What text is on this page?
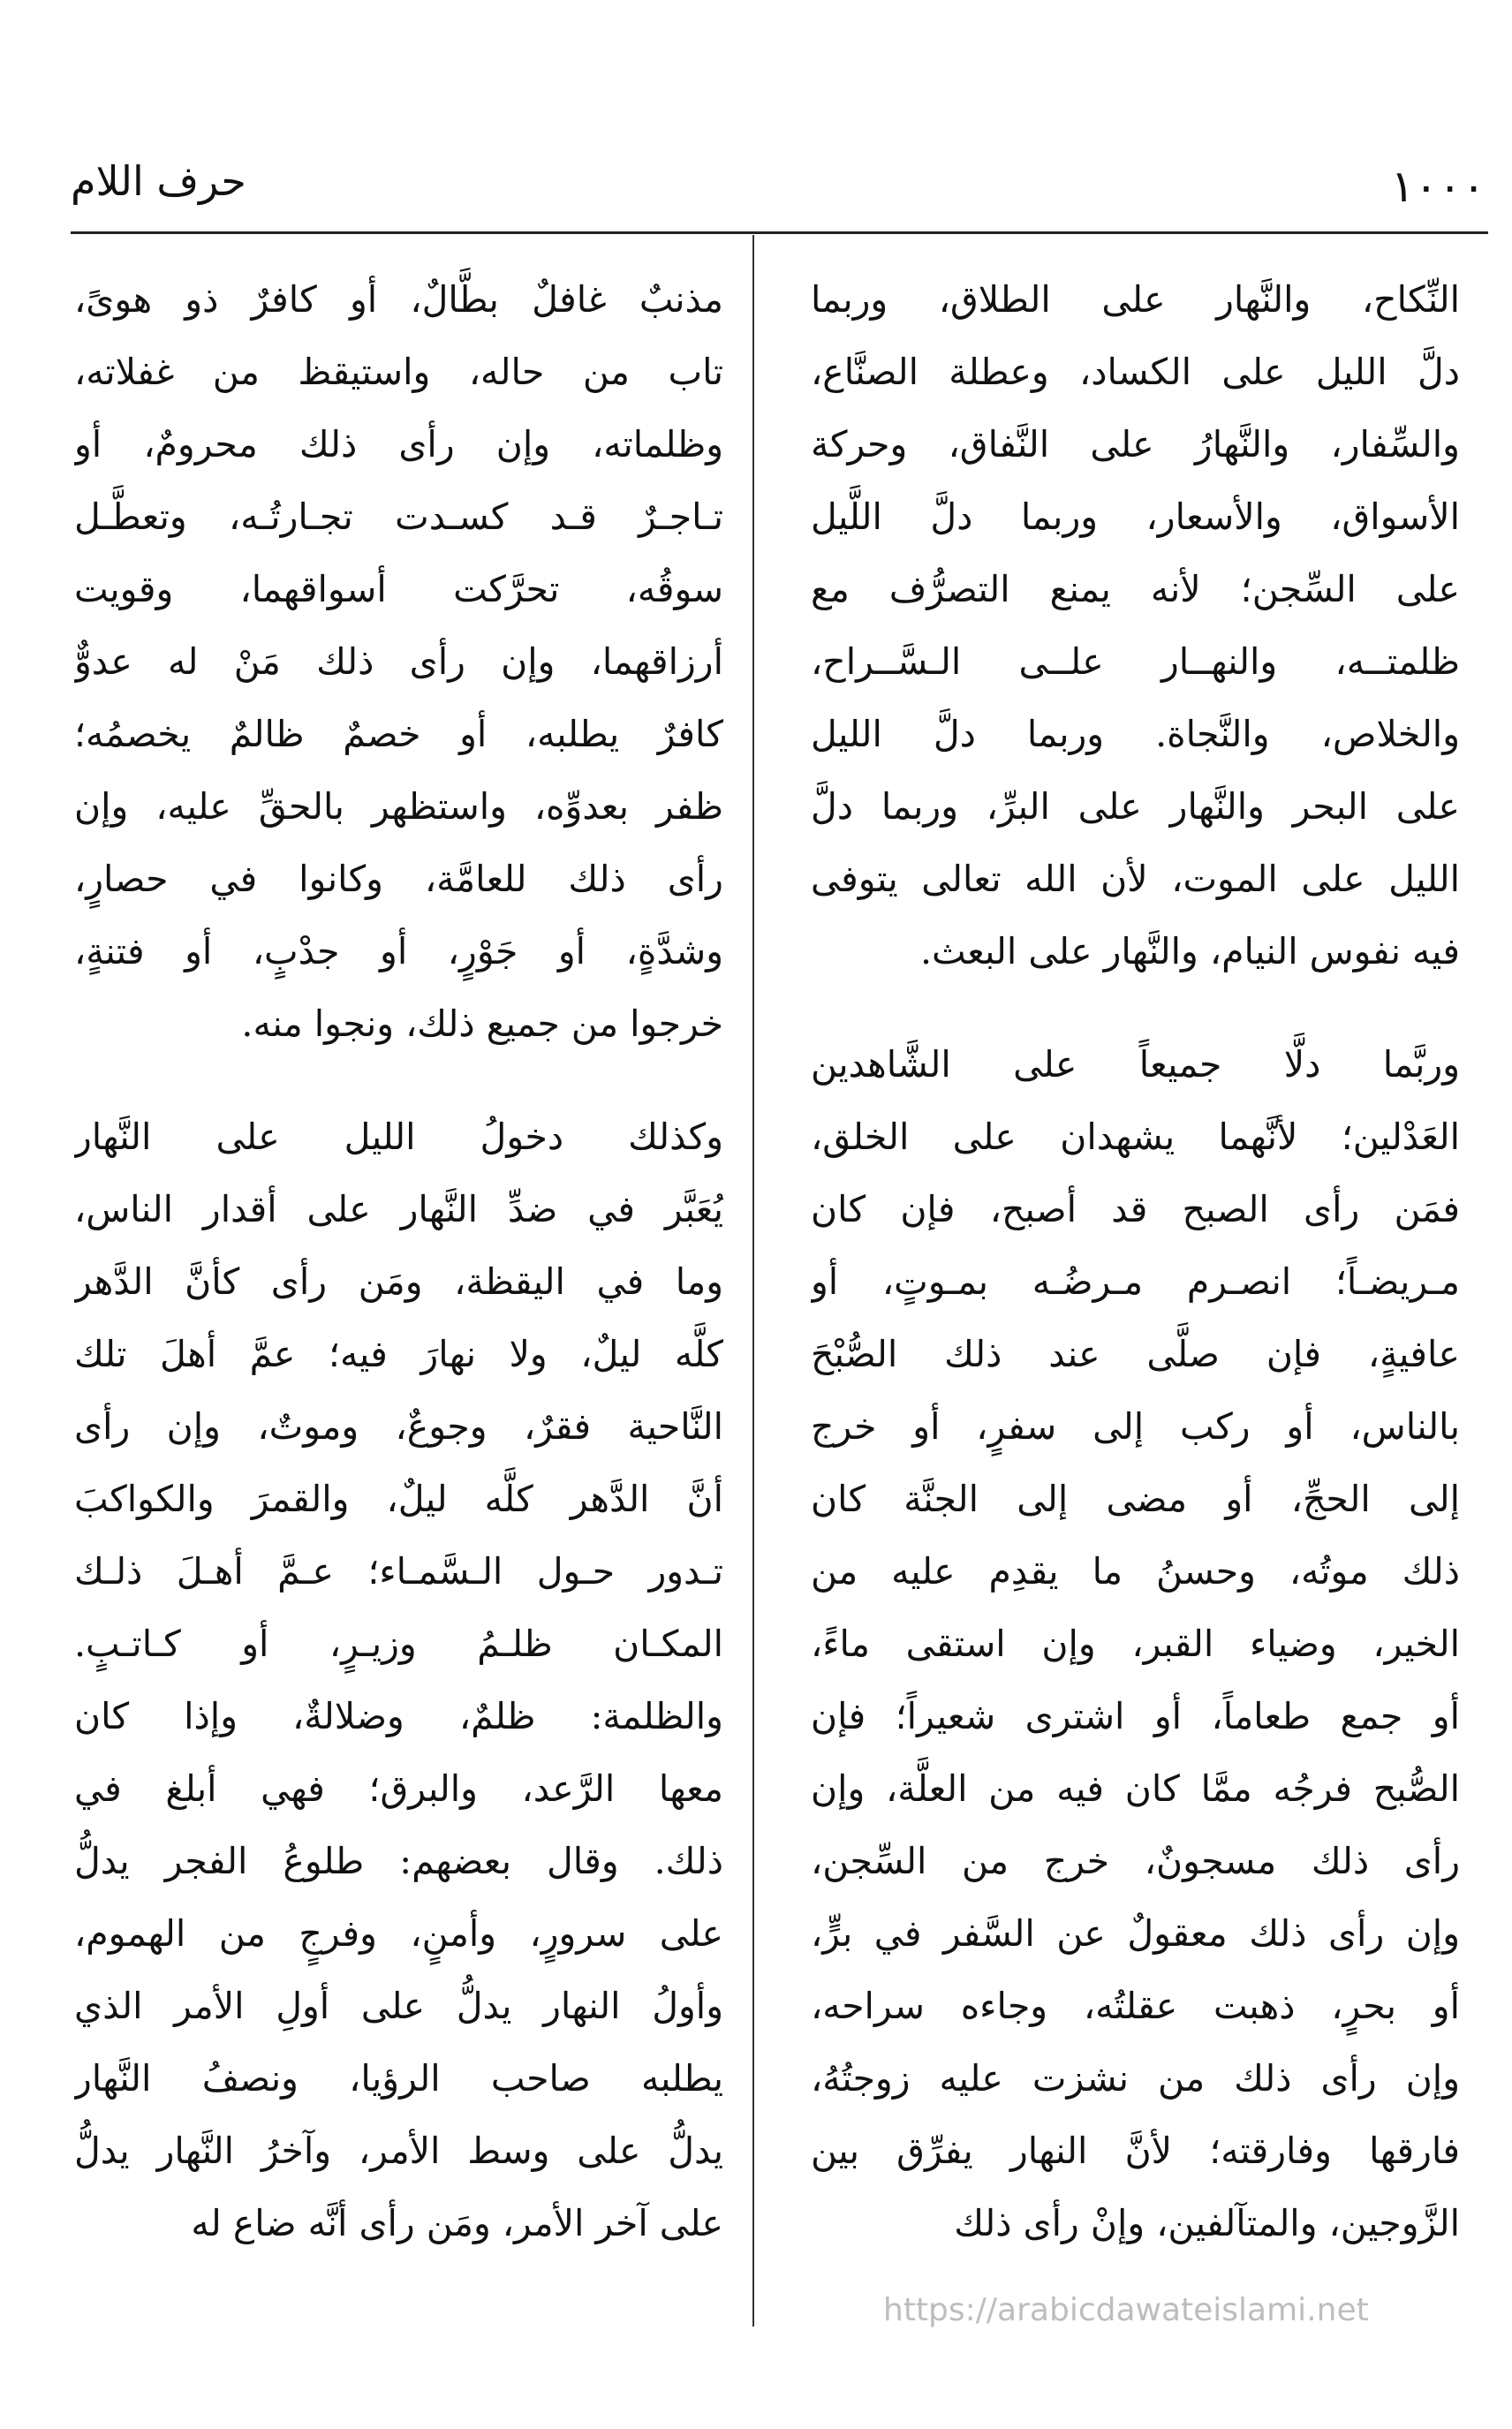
١٠٠٠
حرف اللام
النِّكاح، والنَّهار على الطلاق، وربما
دلَّ الليل على الكساد، وعطلة الصنَّاع،
والسِّفار، والنَّهارُ على النَّفاق، وحركة
الأسواق، والأسعار، وربما دلَّ اللَّيل
على السِّجن؛ لأنه يمنع التصرُّف مع
ظلمتــه، والنهــار علــى الـسَّــراح،
والخلاص، والنَّجاة. وربما دلَّ الليل
على البحر والنَّهار على البرِّ، وربما دلَّ
الليل على الموت، لأن الله تعالى يتوفى
فيه نفوس النيام، والنَّهار على البعث.
وربَّما دلَّا جميعاً على الشَّاهدين
العَدْلين؛ لأنَّهما يشهدان على الخلق،
فمَن رأى الصبح قد أصبح، فإن كان
مـريضـاً؛ انصـرم مـرضُـه بمـوتٍ، أو
عافيةٍ، فإن صلَّى عند ذلك الصُّبْحَ
بالناس، أو ركب إلى سفرٍ، أو خرج
إلى الحجِّ، أو مضى إلى الجنَّة كان
ذلك موتُه، وحسنُ ما يقدِم عليه من
الخير، وضياء القبر، وإن استقى ماءً،
أو جمع طعاماً، أو اشترى شعيراً؛ فإن
الصُّبح فرجُه ممَّا كان فيه من العلَّة، وإن
رأى ذلك مسجونٌ، خرج من السِّجن،
وإن رأى ذلك معقولٌ عن السَّفر في برٍّ،
أو بحرٍ، ذهبت عقلتُه، وجاءه سراحه،
وإن رأى ذلك من نشزت عليه زوجتُهُ،
فارقها وفارقته؛ لأنَّ النهار يفرِّق بين
الزَّوجين، والمتآلفين، وإنْ رأى ذلك
مذنبٌ غافلٌ بطَّالٌ، أو كافرٌ ذو هوىً،
تاب من حاله، واستيقظ من غفلاته،
وظلماته، وإن رأى ذلك محرومٌ، أو
تـاجـرٌ قـد كسـدت تجـارتُـه، وتعطَّـل
سوقُه، تحرَّكت أسواقهما، وقويت
أرزاقهما، وإن رأى ذلك مَنْ له عدوٌّ
كافرٌ يطلبه، أو خصمٌ ظالمٌ يخصمُه؛
ظفر بعدوِّه، واستظهر بالحقِّ عليه، وإن
رأى ذلك للعامَّة، وكانوا في حصارٍ،
وشدَّةٍ، أو جَوْرٍ، أو جدْبٍ، أو فتنةٍ،
خرجوا من جميع ذلك، ونجوا منه.
وكذلك دخولُ الليل على النَّهار
يُعَبَّر في ضدِّ النَّهار على أقدار الناس،
وما في اليقظة، ومَن رأى كأنَّ الدَّهر
كلَّه ليلٌ، ولا نهارَ فيه؛ عمَّ أهلَ تلك
النَّاحية فقرٌ، وجوعٌ، وموتٌ، وإن رأى
أنَّ الدَّهر كلَّه ليلٌ، والقمرَ والكواكبَ
تـدور حـول الـسَّمـاء؛ عـمَّ أهـلَ ذلـك
المكـان ظلـمُ وزيـرٍ، أو كـاتـبٍ.
والظلمة: ظلمٌ، وضلالةٌ، وإذا كان
معها الرَّعد، والبرق؛ فهي أبلغ في
ذلك. وقال بعضهم: طلوعُ الفجر يدلُّ
على سرورٍ، وأمنٍ، وفرجٍ من الهموم،
وأولُ النهار يدلُّ على أولِ الأمر الذي
يطلبه صاحب الرؤيا، ونصفُ النَّهار
يدلُّ على وسط الأمر، وآخرُ النَّهار يدلُّ
على آخر الأمر، ومَن رأى أنَّه ضاع له
https://arabicdawateislami.net
